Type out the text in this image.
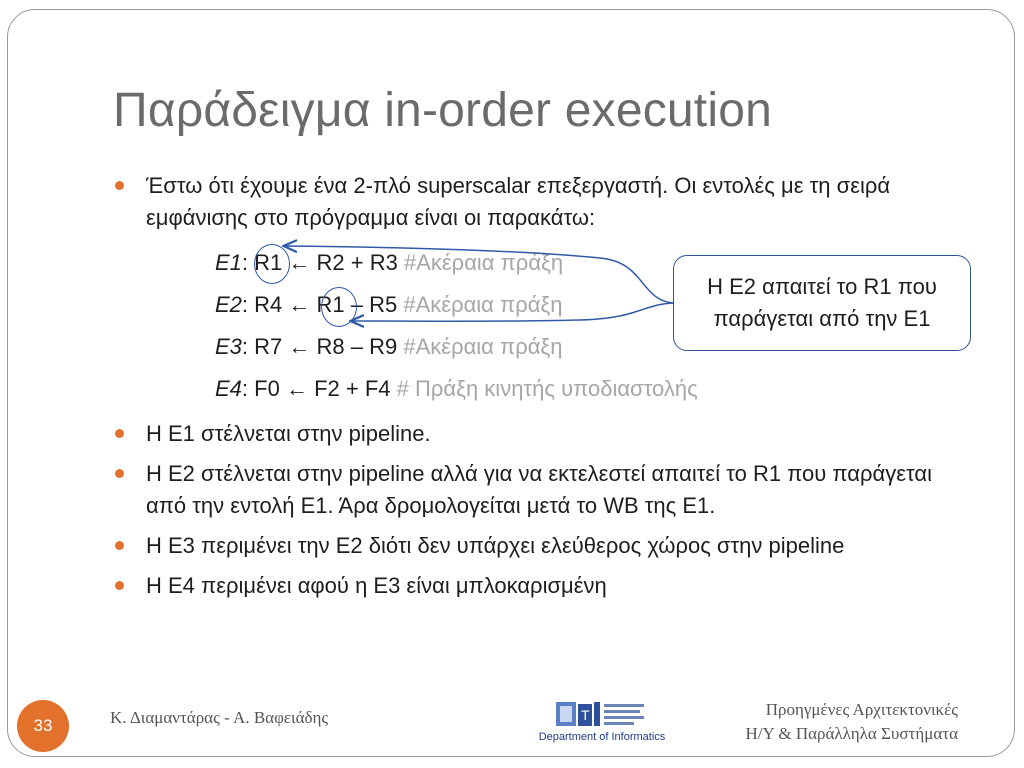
Παράδειγμα in-order execution
Έστω ότι έχουμε ένα 2-πλό superscalar επεξεργαστή. Οι εντολές με τη σειρά εμφάνισης στο πρόγραμμα είναι οι παρακάτω:
E1: R1 ← R2 + R3 #Ακέραια πράξη
E2: R4 ← R1 – R5 #Ακέραια πράξη
E3: R7 ← R8 – R9 #Ακέραια πράξη
E4: F0 ← F2 + F4 # Πράξη κινητής υποδιαστολής
Η Ε2 απαιτεί το R1 που παράγεται από την Ε1
Η Ε1 στέλνεται στην pipeline.
Η Ε2 στέλνεται στην pipeline αλλά για να εκτελεστεί απαιτεί το R1 που παράγεται από την εντολή Ε1. Άρα δρομολογείται μετά το WB της Ε1.
Η Ε3 περιμένει την Ε2 διότι δεν υπάρχει ελεύθερος χώρος στην pipeline
Η Ε4 περιμένει αφού η Ε3 είναι μπλοκαρισμένη
33	Κ. Διαμαντάρας - Α. Βαφειάδης	T
Department of Informatics
Προηγμένες Αρχιτεκτονικές
Η/Υ & Παράλληλα Συστήματα
